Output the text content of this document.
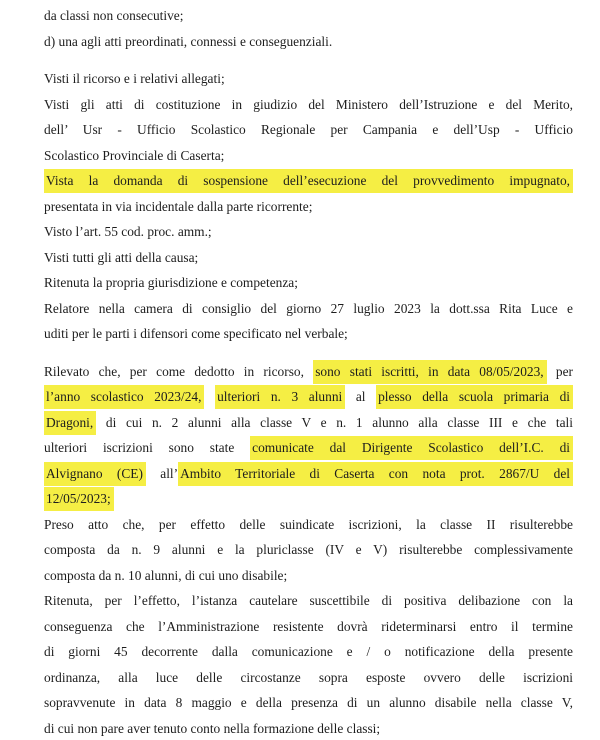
da classi non consecutive;
d) una agli atti preordinati, connessi e conseguenziali.
Visti il ricorso e i relativi allegati;
Visti gli atti di costituzione in giudizio del Ministero dell’Istruzione e del Merito,
dell’ Usr - Ufficio Scolastico Regionale per Campania e dell’Usp - Ufficio
Scolastico Provinciale di Caserta;
Vista la domanda di sospensione dell’esecuzione del provvedimento impugnato,
presentata in via incidentale dalla parte ricorrente;
Visto l’art. 55 cod. proc. amm.;
Visti tutti gli atti della causa;
Ritenuta la propria giurisdizione e competenza;
Relatore nella camera di consiglio del giorno 27 luglio 2023 la dott.ssa Rita Luce e
uditi per le parti i difensori come specificato nel verbale;
Rilevato che, per come dedotto in ricorso, sono stati iscritti, in data 08/05/2023, per
l’anno scolastico 2023/24, ulteriori n. 3 alunni al plesso della scuola primaria di
Dragoni, di cui n. 2 alunni alla classe V e n. 1 alunno alla classe III e che tali
ulteriori iscrizioni sono state comunicate dal Dirigente Scolastico dell’I.C. di
Alvignano (CE) all’ Ambito Territoriale di Caserta con nota prot. 2867/U del
12/05/2023;
Preso atto che, per effetto delle suindicate iscrizioni, la classe II risulterebbe
composta da n. 9 alunni e la pluriclasse (IV e V) risulterebbe complessivamente
composta da n. 10 alunni, di cui uno disabile;
Ritenuta, per l’effetto, l’istanza cautelare suscettibile di positiva delibazione con la
conseguenza che l’Amministrazione resistente dovrà rideterminarsi entro il termine
di giorni 45 decorrente dalla comunicazione e / o notificazione della presente
ordinanza, alla luce delle circostanze sopra esposte ovvero delle iscrizioni
sopravvenute in data 8 maggio e della presenza di un alunno disabile nella classe V,
di cui non pare aver tenuto conto nella formazione delle classi;
